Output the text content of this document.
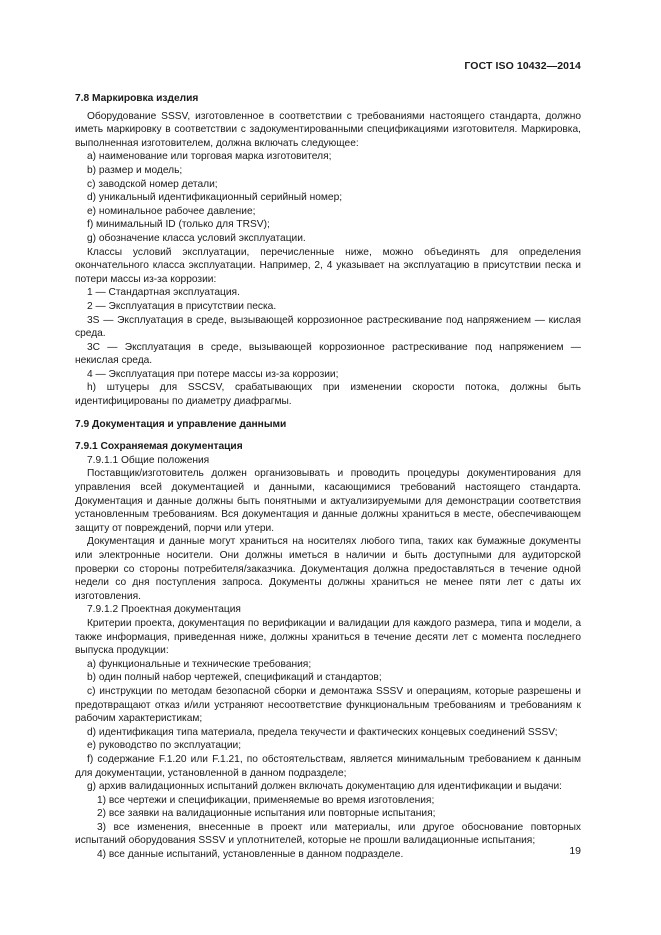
ГОСТ ISO 10432—2014

7.8 Маркировка изделия

Оборудование SSSV, изготовленное в соответствии с требованиями настоящего стандарта, должно иметь маркировку в соответствии с задокументированными спецификациями изготовителя. Маркировка, выполненная изготовителем, должна включать следующее:

a) наименование или торговая марка изготовителя;

b) размер и модель;

c) заводской номер детали;

d) уникальный идентификационный серийный номер;

e) номинальное рабочее давление;

f) минимальный ID (только для TRSV);

g) обозначение класса условий эксплуатации.

Классы условий эксплуатации, перечисленные ниже, можно объединять для определения окончательного класса эксплуатации. Например, 2, 4 указывает на эксплуатацию в присутствии песка и потери массы из-за коррозии:

1 — Стандартная эксплуатация.

2 — Эксплуатация в присутствии песка.

3S — Эксплуатация в среде, вызывающей коррозионное растрескивание под напряжением — кислая среда.

3C — Эксплуатация в среде, вызывающей коррозионное растрескивание под напряжением — некислая среда.

4 — Эксплуатация при потере массы из-за коррозии;

h) штуцеры для SSCSV, срабатывающих при изменении скорости потока, должны быть идентифицированы по диаметру диафрагмы.

7.9 Документация и управление данными

7.9.1 Сохраняемая документация

7.9.1.1 Общие положения

Поставщик/изготовитель должен организовывать и проводить процедуры документирования для управления всей документацией и данными, касающимися требований настоящего стандарта. Документация и данные должны быть понятными и актуализируемыми для демонстрации соответствия установленным требованиям. Вся документация и данные должны храниться в месте, обеспечивающем защиту от повреждений, порчи или утери.

Документация и данные могут храниться на носителях любого типа, таких как бумажные документы или электронные носители. Они должны иметься в наличии и быть доступными для аудиторской проверки со стороны потребителя/заказчика. Документация должна предоставляться в течение одной недели со дня поступления запроса. Документы должны храниться не менее пяти лет с даты их изготовления.

7.9.1.2 Проектная документация

Критерии проекта, документация по верификации и валидации для каждого размера, типа и модели, а также информация, приведенная ниже, должны храниться в течение десяти лет с момента последнего выпуска продукции:

a) функциональные и технические требования;

b) один полный набор чертежей, спецификаций и стандартов;

c) инструкции по методам безопасной сборки и демонтажа SSSV и операциям, которые разрешены и предотвращают отказ и/или устраняют несоответствие функциональным требованиям и требованиям к рабочим характеристикам;

d) идентификация типа материала, предела текучести и фактических концевых соединений SSSV;

e) руководство по эксплуатации;

f) содержание F.1.20 или F.1.21, по обстоятельствам, является минимальным требованием к данным для документации, установленной в данном подразделе;

g) архив валидационных испытаний должен включать документацию для идентификации и выдачи:

1) все чертежи и спецификации, применяемые во время изготовления;

2) все заявки на валидационные испытания или повторные испытания;

3) все изменения, внесенные в проект или материалы, или другое обоснование повторных испытаний оборудования SSSV и уплотнителей, которые не прошли валидационные испытания;

4) все данные испытаний, установленные в данном подразделе.	19
